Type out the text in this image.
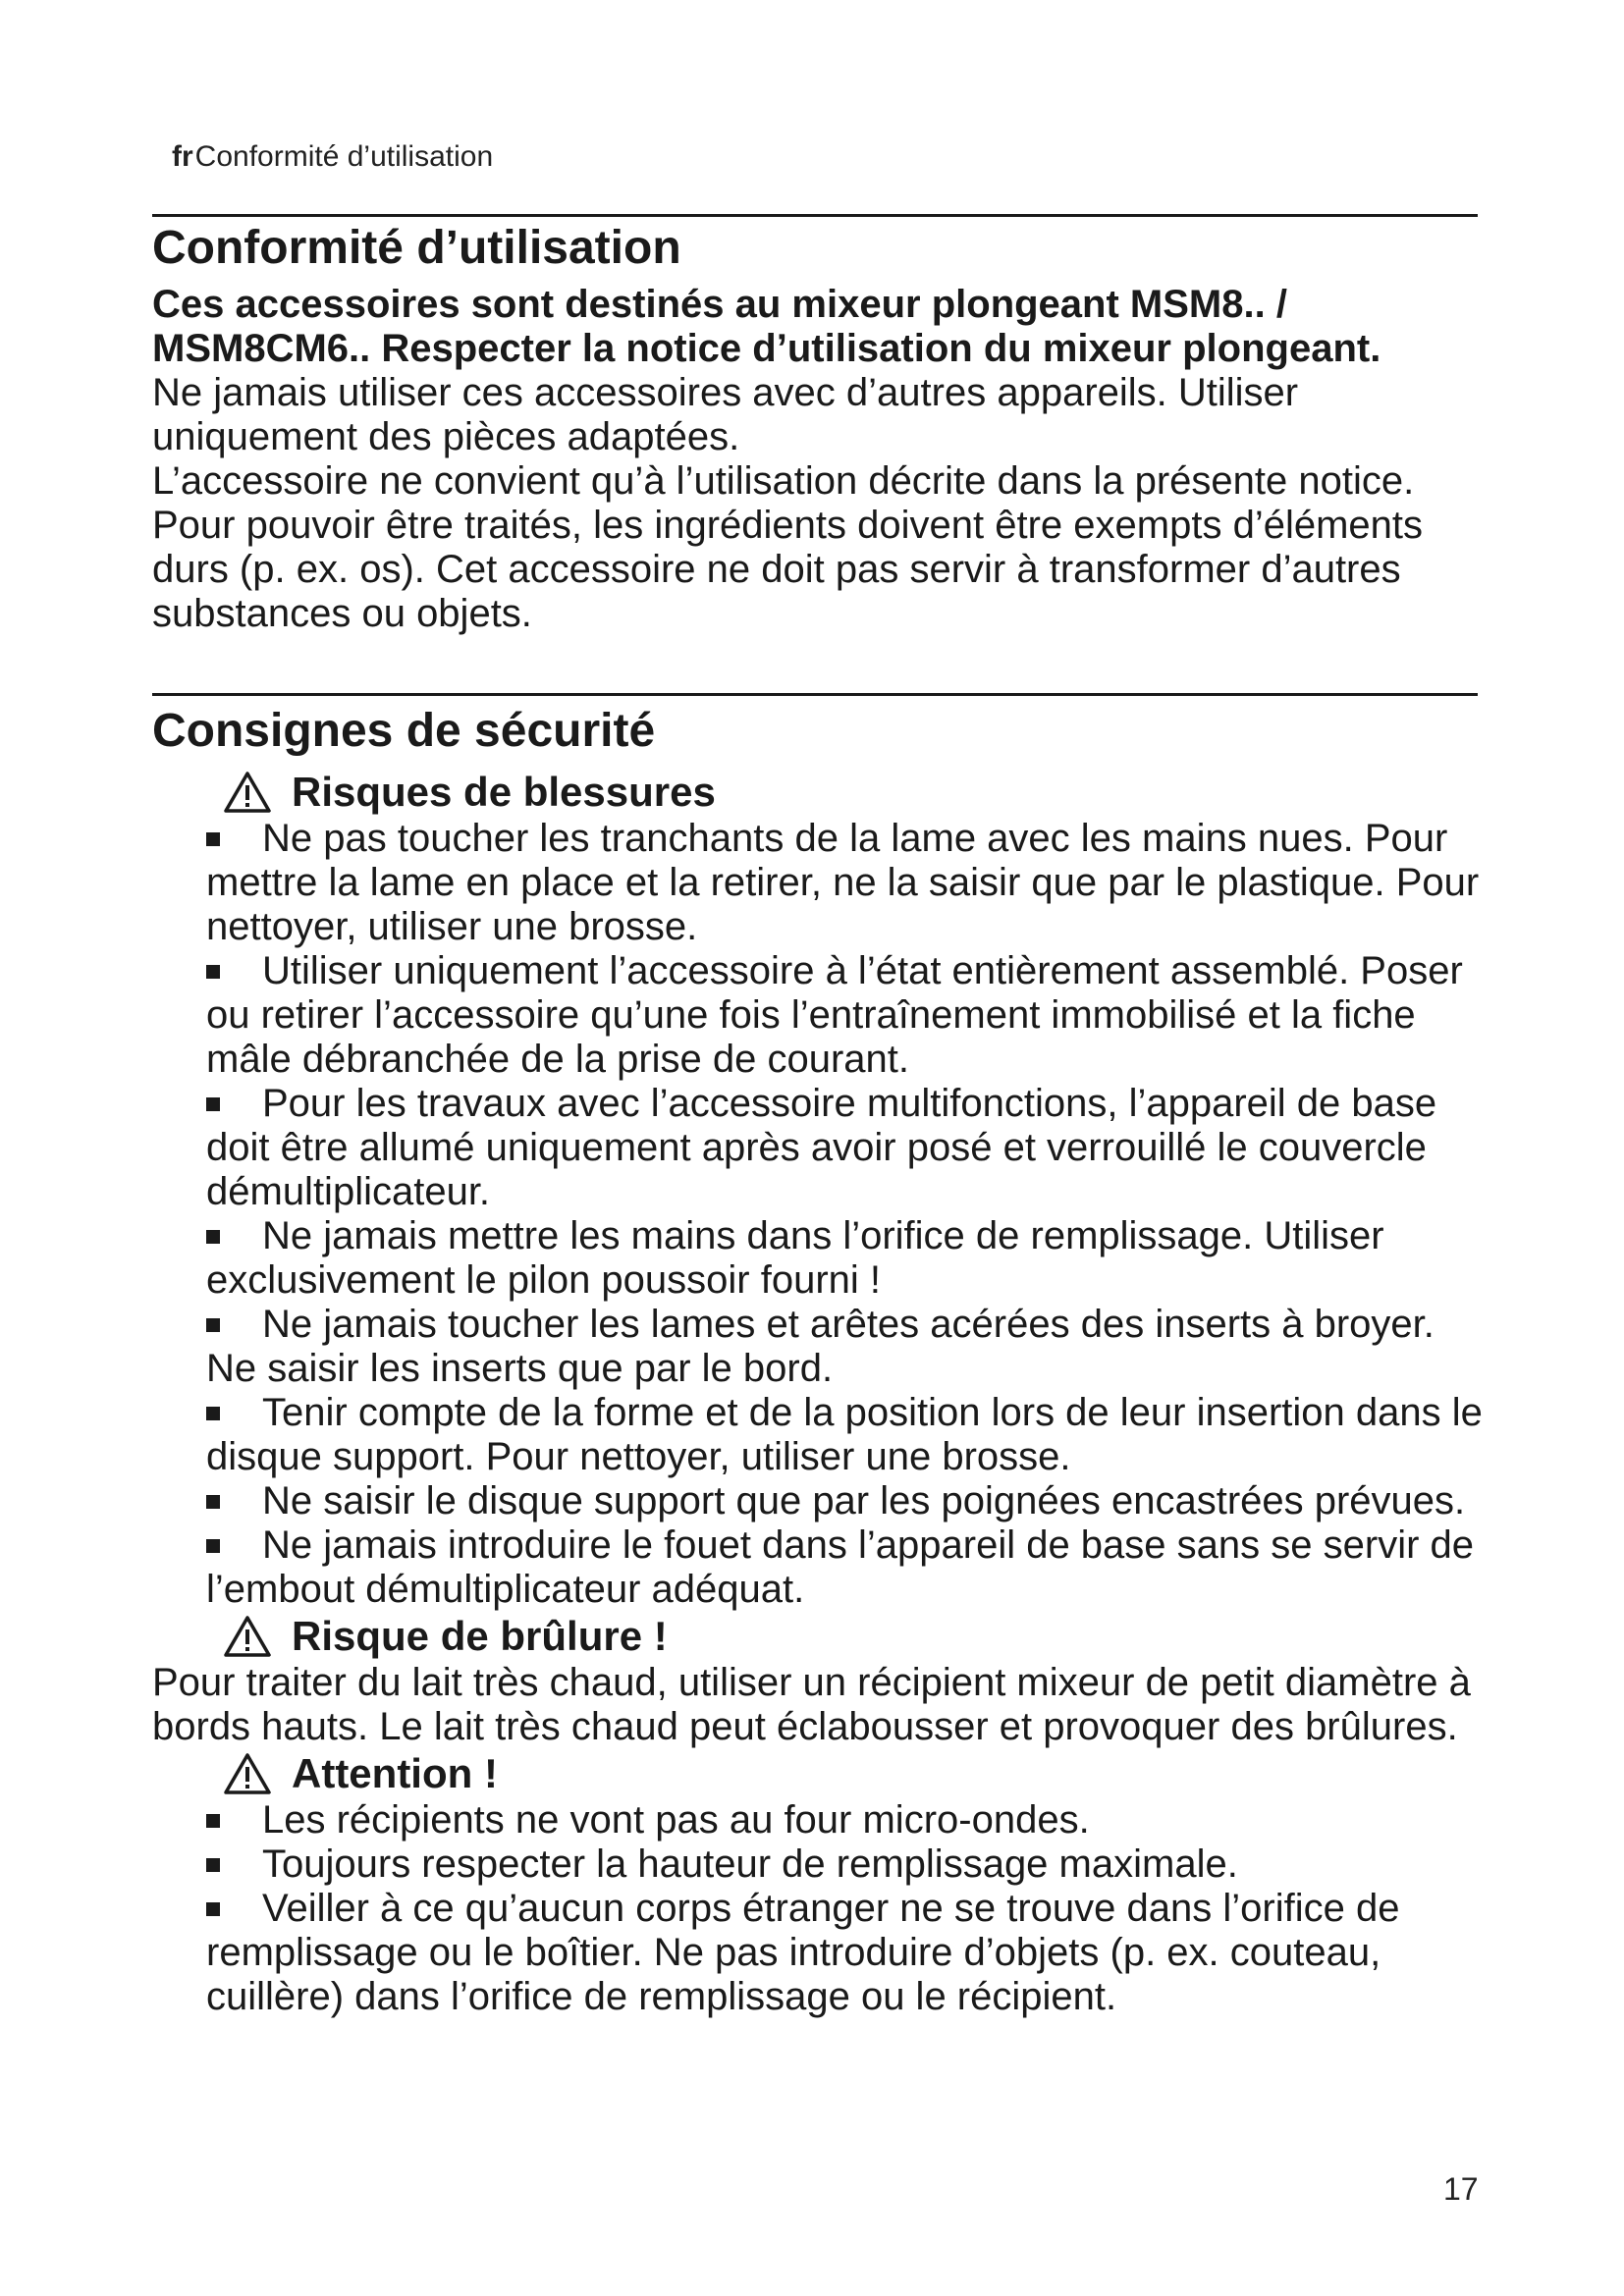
frConformité d’utilisation
Conformité d’utilisation

Ces accessoires sont destinés au mixeur plongeant MSM8.. / MSM8CM6.. Respecter la notice d’utilisation du mixeur plongeant.

Ne jamais utiliser ces accessoires avec d’autres appareils. Utiliser uniquement des pièces adaptées.

L’accessoire ne convient qu’à l’utilisation décrite dans la présente notice. Pour pouvoir être traités, les ingrédients doivent être exempts d’éléments durs (p. ex. os). Cet accessoire ne doit pas servir à transformer d’autres substances ou objets.

Consignes de sécurité
Risques de blessures
Ne pas toucher les tranchants de la lame avec les mains nues. Pour mettre la lame en place et la retirer, ne la saisir que par le plastique. Pour nettoyer, utiliser une brosse.
Utiliser uniquement l’accessoire à l’état entièrement assemblé. Poser ou retirer l’accessoire qu’une fois l’entraînement immobilisé et la fiche mâle débranchée de la prise de courant.
Pour les travaux avec l’accessoire multifonctions, l’appareil de base doit être allumé uniquement après avoir posé et verrouillé le couvercle démultiplicateur.
Ne jamais mettre les mains dans l’orifice de remplissage. Utiliser exclusivement le pilon poussoir fourni !
Ne jamais toucher les lames et arêtes acérées des inserts à broyer. Ne saisir les inserts que par le bord.
Tenir compte de la forme et de la position lors de leur insertion dans le disque support. Pour nettoyer, utiliser une brosse.
Ne saisir le disque support que par les poignées encastrées prévues.
Ne jamais introduire le fouet dans l’appareil de base sans se servir de l’embout démultiplicateur adéquat.
Risque de brûlure !

Pour traiter du lait très chaud, utiliser un récipient mixeur de petit diamètre à bords hauts. Le lait très chaud peut éclabousser et provoquer des brûlures.

Attention !
Les récipients ne vont pas au four micro-ondes.
Toujours respecter la hauteur de remplissage maximale.
Veiller à ce qu’aucun corps étranger ne se trouve dans l’orifice de remplissage ou le boîtier. Ne pas introduire d’objets (p. ex. couteau, cuillère) dans l’orifice de remplissage ou le récipient.
17
